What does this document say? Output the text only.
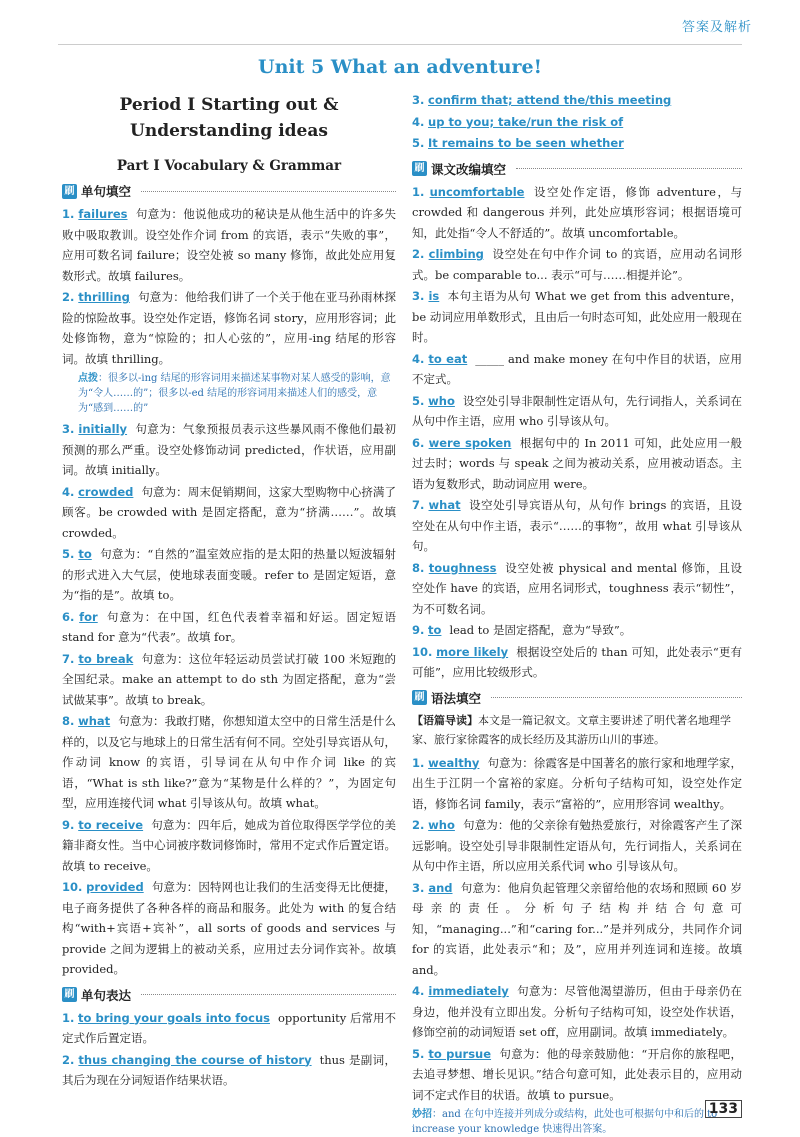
答案及解析
Unit 5 What an adventure!
Period Ⅰ Starting out &
Understanding ideas
Part Ⅰ Vocabulary & Grammar
刷 单句填空
1. failures 句意为：他说他成功的秘诀是从他生活中的许多失败中吸取教训。设空处作介词 from 的宾语，表示“失败的事”，应用可数名词 failure；设空处被 so many 修饰，故此处应用复数形式。故填 failures。
2. thrilling 句意为：他给我们讲了一个关于他在亚马孙雨林探险的惊险故事。设空处作定语，修饰名词 story，应用形容词；此处修饰物，意为“惊险的；扣人心弦的”，应用-ing 结尾的形容词。故填 thrilling。
点拨：很多以-ing 结尾的形容词用来描述某事物对某人感受的影响，意为“令人……的”；很多以-ed 结尾的形容词用来描述人们的感受，意为“感到……的”
3. initially 句意为：气象预报员表示这些暴风雨不像他们最初预测的那么严重。设空处修饰动词 predicted，作状语，应用副词。故填 initially。
4. crowded 句意为：周末促销期间，这家大型购物中心挤满了顾客。be crowded with 是固定搭配，意为“挤满……”。故填 crowded。
5. to 句意为：“自然的”温室效应指的是太阳的热量以短波辐射的形式进入大气层，使地球表面变暖。refer to 是固定短语，意为“指的是”。故填 to。
6. for 句意为：在中国，红色代表着幸福和好运。固定短语 stand for 意为“代表”。故填 for。
7. to break 句意为：这位年轻运动员尝试打破 100 米短跑的全国纪录。make an attempt to do sth 为固定搭配，意为“尝试做某事”。故填 to break。
8. what 句意为：我敢打赌，你想知道太空中的日常生活是什么样的，以及它与地球上的日常生活有何不同。空处引导宾语从句，作动词 know 的宾语，引导词在从句中作介词 like 的宾语，“What is sth like?”意为“某物是什么样的？”，为固定句型，应用连接代词 what 引导该从句。故填 what。
9. to receive 句意为：四年后，她成为首位取得医学学位的美籍非裔女性。当中心词被序数词修饰时，常用不定式作后置定语。故填 to receive。
10. provided 句意为：因特网也让我们的生活变得无比便捷，电子商务提供了各种各样的商品和服务。此处为 with 的复合结构“with+宾语+宾补”，all sorts of goods and services 与 provide 之间为逻辑上的被动关系，应用过去分词作宾补。故填 provided。
刷 单句表达
1. to bring your goals into focus opportunity 后常用不定式作后置定语。
2. thus changing the course of history thus 是副词，其后为现在分词短语作结果状语。
3. confirm that; attend the/this meeting
4. up to you; take/run the risk of
5. It remains to be seen whether
刷 课文改编填空
1. uncomfortable 设空处作定语，修饰 adventure，与 crowded 和 dangerous 并列，此处应填形容词；根据语境可知，此处指“令人不舒适的”。故填 uncomfortable。
2. climbing 设空处在句中作介词 to 的宾语，应用动名词形式。be comparable to... 表示“可与……相提并论”。
3. is 本句主语为从句 What we get from this adventure，be 动词应用单数形式，且由后一句时态可知，此处应用一般现在时。
4. to eat _____ and make money 在句中作目的状语，应用不定式。
5. who 设空处引导非限制性定语从句，先行词指人，关系词在从句中作主语，应用 who 引导该从句。
6. were spoken 根据句中的 In 2011 可知，此处应用一般过去时；words 与 speak 之间为被动关系，应用被动语态。主语为复数形式，助动词应用 were。
7. what 设空处引导宾语从句，从句作 brings 的宾语，且设空处在从句中作主语，表示“……的事物”，故用 what 引导该从句。
8. toughness 设空处被 physical and mental 修饰，且设空处作 have 的宾语，应用名词形式，toughness 表示“韧性”，为不可数名词。
9. to lead to 是固定搭配，意为“导致”。
10. more likely 根据设空处后的 than 可知，此处表示“更有可能”，应用比较级形式。
刷 语法填空
【语篇导读】本文是一篇记叙文。文章主要讲述了明代著名地理学家、旅行家徐霞客的成长经历及其游历山川的事迹。
1. wealthy 句意为：徐霞客是中国著名的旅行家和地理学家，出生于江阴一个富裕的家庭。分析句子结构可知，设空处作定语，修饰名词 family，表示“富裕的”，应用形容词 wealthy。
2. who 句意为：他的父亲徐有勉热爱旅行，对徐霞客产生了深远影响。设空处引导非限制性定语从句，先行词指人，关系词在从句中作主语，所以应用关系代词 who 引导该从句。
3. and 句意为：他肩负起管理父亲留给他的农场和照顾 60 岁母亲的责任。分析句子结构并结合句意可知，“managing...”和“caring for...”是并列成分，共同作介词 for 的宾语，此处表示“和；及”，应用并列连词和连接。故填 and。
4. immediately 句意为：尽管他渴望游历，但由于母亲仍在身边，他并没有立即出发。分析句子结构可知，设空处作状语，修饰空前的动词短语 set off，应用副词。故填 immediately。
5. to pursue 句意为：他的母亲鼓励他：“开启你的旅程吧，去追寻梦想、增长见识。”结合句意可知，此处表示目的，应用动词不定式作目的状语。故填 to pursue。
妙招：and 在句中连接并列成分或结构，此处也可根据句中和后的 to increase your knowledge 快速得出答案。
133
